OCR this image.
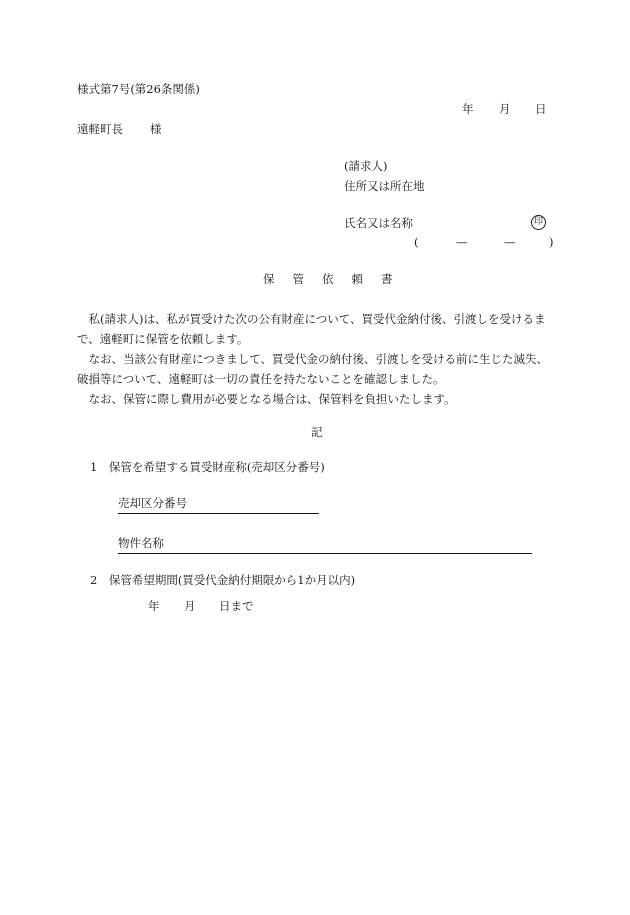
様式第7号(第26条関係)
年 月 日
遠軽町長 様
(請求人)
住所又は所在地
氏名又は名称	印
(	—	—	)
保管依頼書

私(請求人)は、私が買受けた次の公有財産について、買受代金納付後、引渡しを受けるまで、遠軽町に保管を依頼します。

なお、当該公有財産につきまして、買受代金の納付後、引渡しを受ける前に生じた滅失、破損等について、遠軽町は一切の責任を持たないことを確認しました。

なお、保管に際し費用が必要となる場合は、保管料を負担いたします。

記
1　保管を希望する買受財産称(売却区分番号)
売却区分番号
物件名称
2　保管希望期間(買受代金納付期限から1か月以内)
年 月 日まで
